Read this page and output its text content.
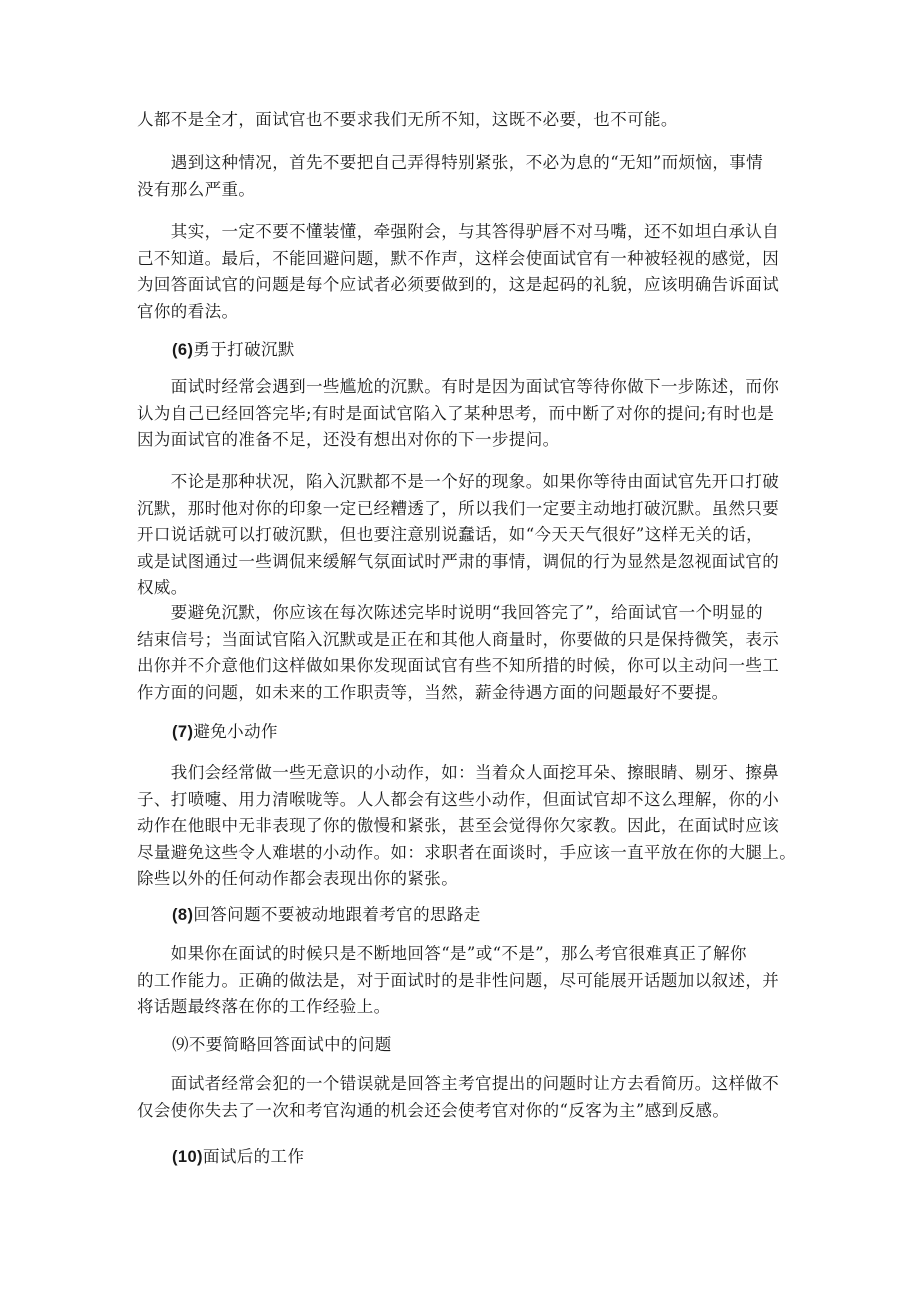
人都不是全才，面试官也不要求我们无所不知，这既不必要，也不可能。

　　遇到这种情况，首先不要把自己弄得特别紧张，不必为息的“无知”而烦恼，事情
没有那么严重。

　　其实，一定不要不懂装懂，牵强附会，与其答得驴唇不对马嘴，还不如坦白承认自
己不知道。最后，不能回避问题，默不作声，这样会使面试官有一种被轻视的感觉，因
为回答面试官的问题是每个应试者必须要做到的，这是起码的礼貌，应该明确告诉面试
官你的看法。

(6)勇于打破沉默

　　面试时经常会遇到一些尴尬的沉默。有时是因为面试官等待你做下一步陈述，而你
认为自己已经回答完毕;有时是面试官陷入了某种思考，而中断了对你的提问;有时也是
因为面试官的准备不足，还没有想出对你的下一步提问。

　　不论是那种状况，陷入沉默都不是一个好的现象。如果你等待由面试官先开口打破
沉默，那时他对你的印象一定已经糟透了，所以我们一定要主动地打破沉默。虽然只要
开口说话就可以打破沉默，但也要注意别说蠢话，如“今天天气很好”这样无关的话，
或是试图通过一些调侃来缓解气氛面试时严肃的事情，调侃的行为显然是忽视面试官的
权威。

　　要避免沉默，你应该在每次陈述完毕时说明“我回答完了”，给面试官一个明显的
结束信号；当面试官陷入沉默或是正在和其他人商量时，你要做的只是保持微笑，表示
出你并不介意他们这样做如果你发现面试官有些不知所措的时候，你可以主动问一些工
作方面的问题，如未来的工作职责等，当然，薪金待遇方面的问题最好不要提。

(7)避免小动作

　　我们会经常做一些无意识的小动作，如：当着众人面挖耳朵、擦眼睛、剔牙、擦鼻
子、打喷嚏、用力清喉咙等。人人都会有这些小动作，但面试官却不这么理解，你的小
动作在他眼中无非表现了你的傲慢和紧张，甚至会觉得你欠家教。因此，在面试时应该
尽量避免这些令人难堪的小动作。如：求职者在面谈时，手应该一直平放在你的大腿上。
除些以外的任何动作都会表现出你的紧张。

(8)回答问题不要被动地跟着考官的思路走

　　如果你在面试的时候只是不断地回答“是”或“不是”，那么考官很难真正了解你
的工作能力。正确的做法是，对于面试时的是非性问题，尽可能展开话题加以叙述，并
将话题最终落在你的工作经验上。

⑼不要简略回答面试中的问题

　　面试者经常会犯的一个错误就是回答主考官提出的问题时让方去看简历。这样做不
仅会使你失去了一次和考官沟通的机会还会使考官对你的“反客为主”感到反感。

(10)面试后的工作
